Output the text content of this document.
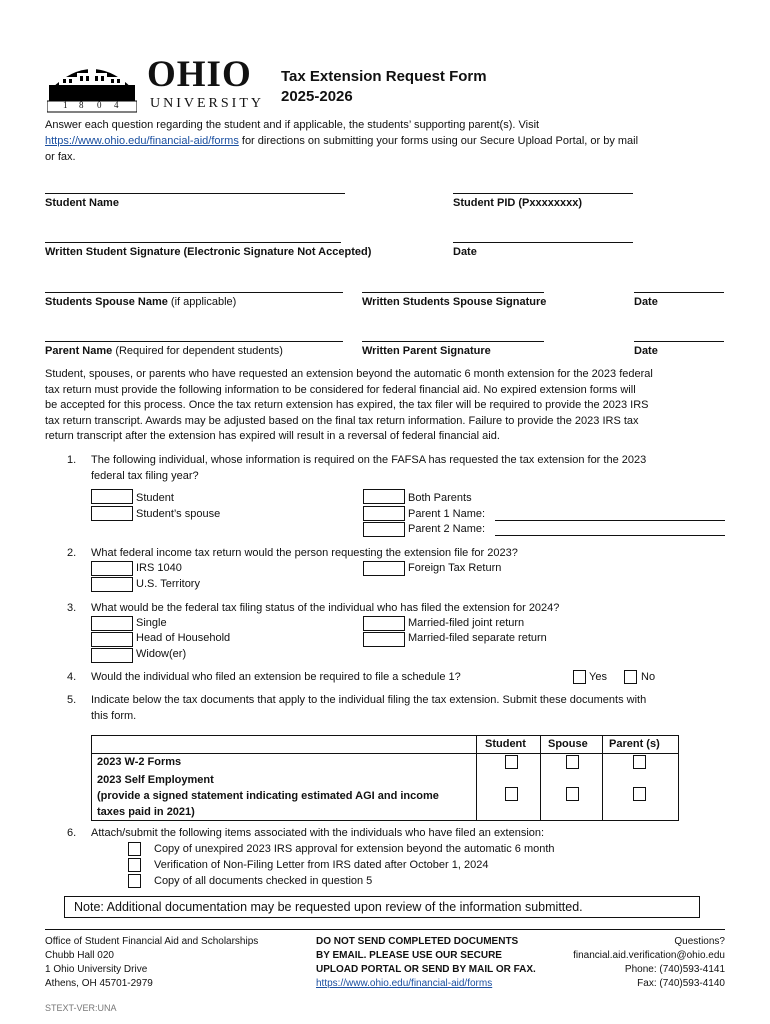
1 8 0 4
OHIO
UNIVERSITY
Tax Extension Request Form
2025-2026
Answer each question regarding the student and if applicable, the students’ supporting parent(s). Visit
https://www.ohio.edu/financial-aid/forms for directions on submitting your forms using our Secure Upload Portal, or by mail
or fax.
Student Name	Student PID (Pxxxxxxxx)
Written Student Signature (Electronic Signature Not Accepted)	Date
Students Spouse Name (if applicable)	Written Students Spouse Signature	Date
Parent Name (Required for dependent students)	Written Parent Signature	Date
Student, spouses, or parents who have requested an extension beyond the automatic 6 month extension for the 2023 federal
tax return must provide the following information to be considered for federal financial aid. No expired extension forms will
be accepted for this process. Once the tax return extension has expired, the tax filer will be required to provide the 2023 IRS
tax return transcript. Awards may be adjusted based on the final tax return information. Failure to provide the 2023 IRS tax
return transcript after the extension has expired will result in a reversal of federal financial aid.
1. The following individual, whose information is required on the FAFSA has requested the tax extension for the 2023
federal tax filing year?
Student
Student’s spouse
Both Parents
Parent 1 Name:
Parent 2 Name:
2. What federal income tax return would the person requesting the extension file for 2023?
IRS 1040
U.S. Territory
Foreign Tax Return
3. What would be the federal tax filing status of the individual who has filed the extension for 2024?
Single
Head of Household
Widow(er)
Married-filed joint return
Married-filed separate return
4. Would the individual who filed an extension be required to file a schedule 1?	Yes	No
5. Indicate below the tax documents that apply to the individual filing the tax extension. Submit these documents with
this form.
Student Spouse Parent (s)
2023 W-2 Forms
2023 Self Employment
(provide a signed statement indicating estimated AGI and income
taxes paid in 2021)
6. Attach/submit the following items associated with the individuals who have filed an extension:
Copy of unexpired 2023 IRS approval for extension beyond the automatic 6 month
Verification of Non-Filing Letter from IRS dated after October 1, 2024
Copy of all documents checked in question 5
Note: Additional documentation may be requested upon review of the information submitted.
Office of Student Financial Aid and Scholarships
Chubb Hall 020
1 Ohio University Drive
Athens, OH 45701-2979
DO NOT SEND COMPLETED DOCUMENTS
BY EMAIL. PLEASE USE OUR SECURE
UPLOAD PORTAL OR SEND BY MAIL OR FAX.
https://www.ohio.edu/financial-aid/forms
Questions?
financial.aid.verification@ohio.edu
Phone: (740)593-4141
Fax: (740)593-4140
STEXT-VER:UNA
